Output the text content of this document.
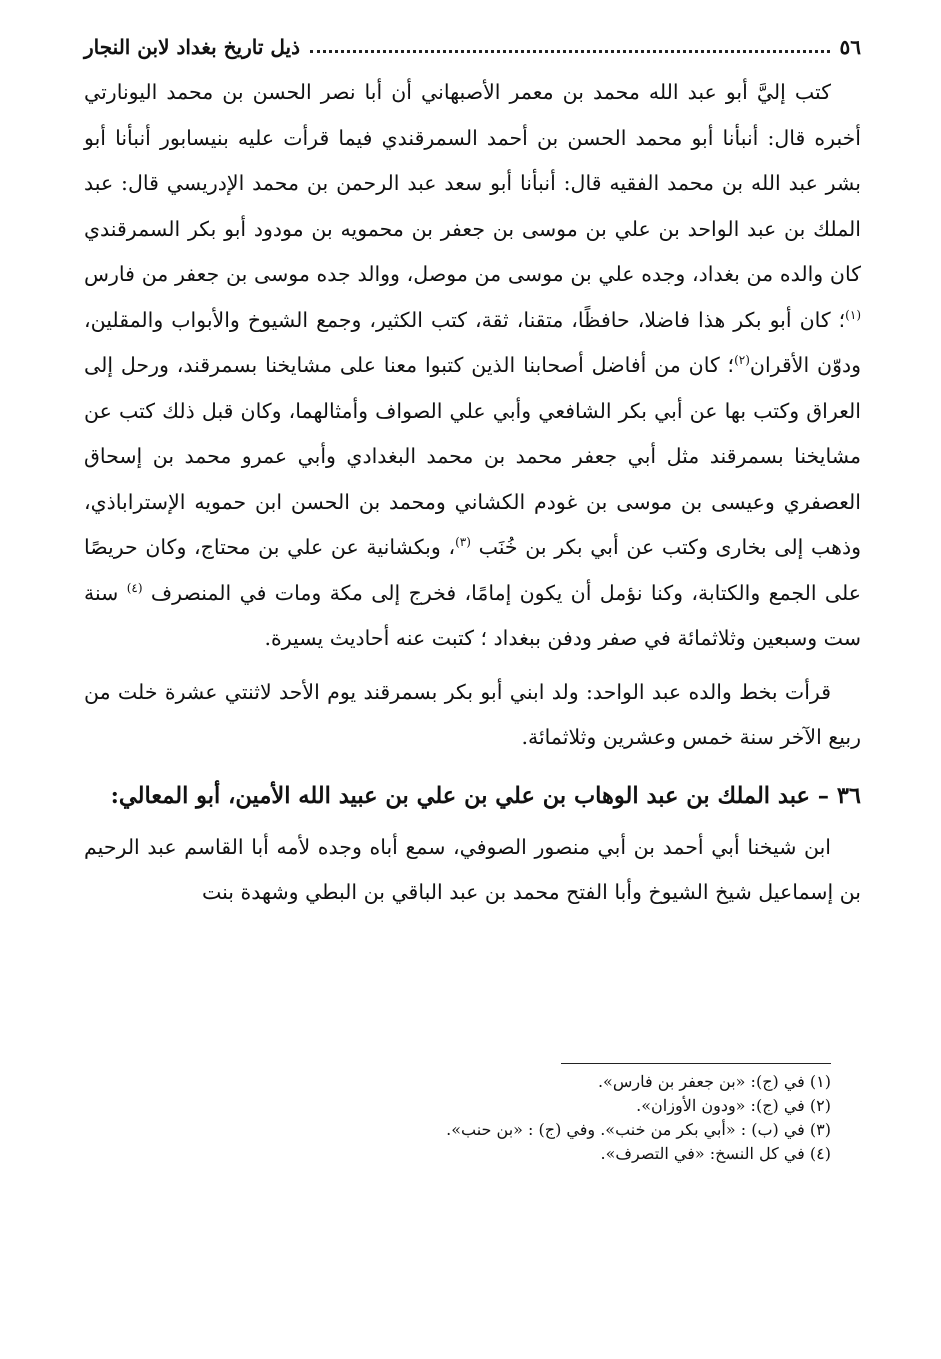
٥٦
ذيل تاريخ بغداد لابن النجار

كتب إليَّ أبو عبد الله محمد بن معمر الأصبهاني أن أبا نصر الحسن بن محمد اليونارتي أخبره قال: أنبأنا أبو محمد الحسن بن أحمد السمرقندي فيما قرأت عليه بنيسابور أنبأنا أبو بشر عبد الله بن محمد الفقيه قال: أنبأنا أبو سعد عبد الرحمن بن محمد الإدريسي قال: عبد الملك بن عبد الواحد بن علي بن موسى بن جعفر بن محمويه بن مودود أبو بكر السمرقندي كان والده من بغداد، وجده علي بن موسى من موصل، ووالد جده موسى بن جعفر من فارس $^{(١)}$؛ كان أبو بكر هذا فاضلا، حافظًا، متقنا، ثقة، كتب الكثير، وجمع الشيوخ والأبواب والمقلين، ودوّن الأقران$^{(٢)}$؛ كان من أفاضل أصحابنا الذين كتبوا معنا على مشايخنا بسمرقند، ورحل إلى العراق وكتب بها عن أبي بكر الشافعي وأبي علي الصواف وأمثالهما، وكان قبل ذلك كتب عن مشايخنا بسمرقند مثل أبي جعفر محمد بن محمد البغدادي وأبي عمرو محمد بن إسحاق العصفري وعيسى بن موسى بن غودم الكشاني ومحمد بن الحسن ابن حمويه الإستراباذي، وذهب إلى بخارى وكتب عن أبي بكر بن خُنَب $^{(٣)}$، وبكشانية عن علي بن محتاج، وكان حريصًا على الجمع والكتابة، وكنا نؤمل أن يكون إمامًا، فخرج إلى مكة ومات في المنصرف $^{(٤)}$ سنة ست وسبعين وثلاثمائة في صفر ودفن ببغداد ؛ كتبت عنه أحاديث يسيرة.

قرأت بخط والده عبد الواحد: ولد ابني أبو بكر بسمرقند يوم الأحد لاثنتي عشرة خلت من ربيع الآخر سنة خمس وعشرين وثلاثمائة.

٣٦ – عبد الملك بن عبد الوهاب بن علي بن علي بن عبيد الله الأمين، أبو المعالي:

ابن شيخنا أبي أحمد بن أبي منصور الصوفي، سمع أباه وجده لأمه أبا القاسم عبد الرحيم بن إسماعيل شيخ الشيوخ وأبا الفتح محمد بن عبد الباقي بن البطي وشهدة بنت

(١) في (ج): «بن جعفر بن فارس».
(٢) في (ج): «ودون الأوزان».
(٣) في (ب) : «أبي بكر من خنب». وفي (ج) : «بن حنب».
(٤) في كل النسخ: «في التصرف».
